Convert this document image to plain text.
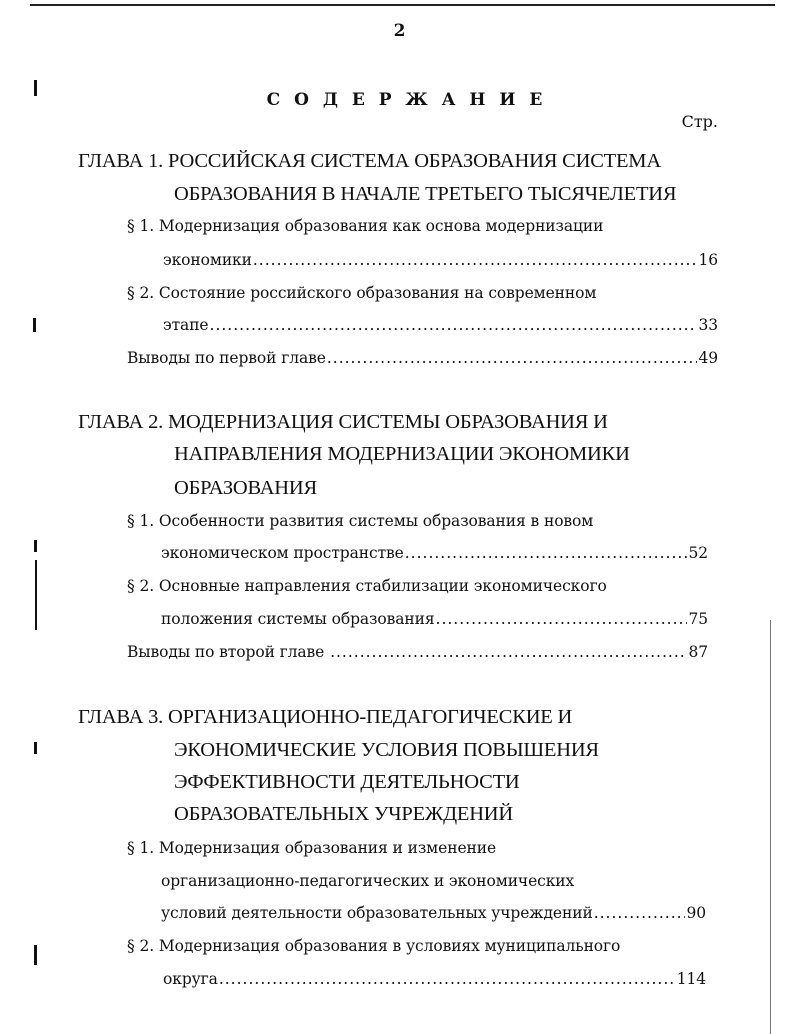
2
С О Д Е Р Ж А Н И Е
Стр.
ГЛАВА 1. РОССИЙСКАЯ СИСТЕМА ОБРАЗОВАНИЯ СИСТЕМА
ОБРАЗОВАНИЯ В НАЧАЛЕ ТРЕТЬЕГО ТЫСЯЧЕЛЕТИЯ
§ 1. Модернизация образования как основа модернизации
экономики .....	16
§ 2. Состояние российского образования на современном
этапе .....	33
Выводы по первой главе .....	49
ГЛАВА 2. МОДЕРНИЗАЦИЯ СИСТЕМЫ ОБРАЗОВАНИЯ И
НАПРАВЛЕНИЯ МОДЕРНИЗАЦИИ ЭКОНОМИКИ
ОБРАЗОВАНИЯ
§ 1. Особенности развития системы образования в новом
экономическом пространстве .....	52
§ 2. Основные направления стабилизации экономического
положения системы образования .....	75
Выводы по второй главе .....	87
ГЛАВА 3. ОРГАНИЗАЦИОННО-ПЕДАГОГИЧЕСКИЕ И
ЭКОНОМИЧЕСКИЕ УСЛОВИЯ ПОВЫШЕНИЯ
ЭФФЕКТИВНОСТИ ДЕЯТЕЛЬНОСТИ
ОБРАЗОВАТЕЛЬНЫХ УЧРЕЖДЕНИЙ
§ 1. Модернизация образования и изменение
организационно-педагогических и экономических
условий деятельности образовательных учреждений .....	90
§ 2. Модернизация образования в условиях муниципального
округа .....	114
